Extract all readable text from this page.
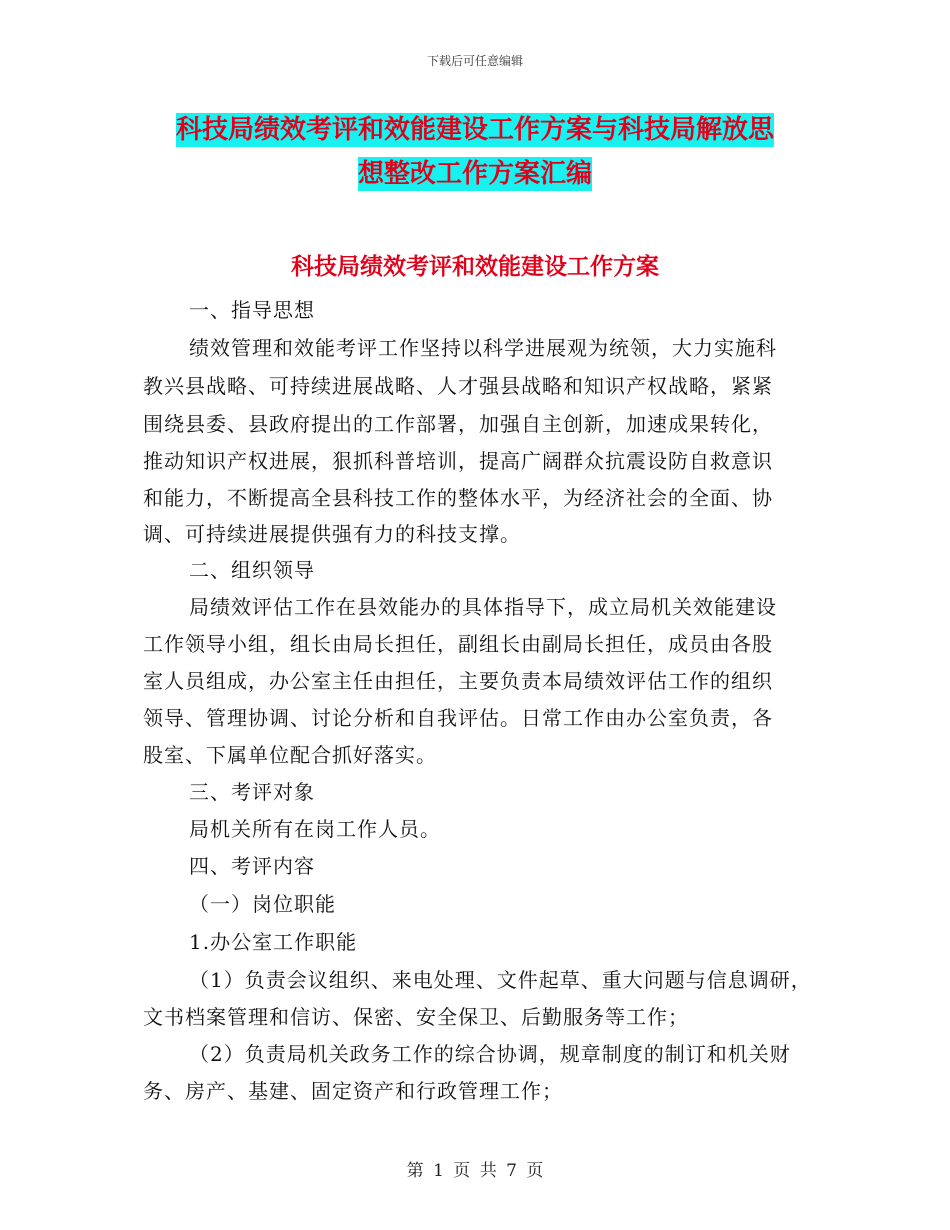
下载后可任意编辑
科技局绩效考评和效能建设工作方案与科技局解放思
想整改工作方案汇编
科技局绩效考评和效能建设工作方案
一、指导思想
绩效管理和效能考评工作坚持以科学进展观为统领，大力实施科
教兴县战略、可持续进展战略、人才强县战略和知识产权战略，紧紧
围绕县委、县政府提出的工作部署，加强自主创新，加速成果转化，
推动知识产权进展，狠抓科普培训，提高广阔群众抗震设防自救意识
和能力，不断提高全县科技工作的整体水平，为经济社会的全面、协
调、可持续进展提供强有力的科技支撑。
二、组织领导
局绩效评估工作在县效能办的具体指导下，成立局机关效能建设
工作领导小组，组长由局长担任，副组长由副局长担任，成员由各股
室人员组成，办公室主任由担任，主要负责本局绩效评估工作的组织
领导、管理协调、讨论分析和自我评估。日常工作由办公室负责，各
股室、下属单位配合抓好落实。
三、考评对象
局机关所有在岗工作人员。
四、考评内容
（一）岗位职能
1.办公室工作职能
（1）负责会议组织、来电处理、文件起草、重大问题与信息调研，
文书档案管理和信访、保密、安全保卫、后勤服务等工作；
（2）负责局机关政务工作的综合协调，规章制度的制订和机关财
务、房产、基建、固定资产和行政管理工作；
第 1 页 共 7 页
